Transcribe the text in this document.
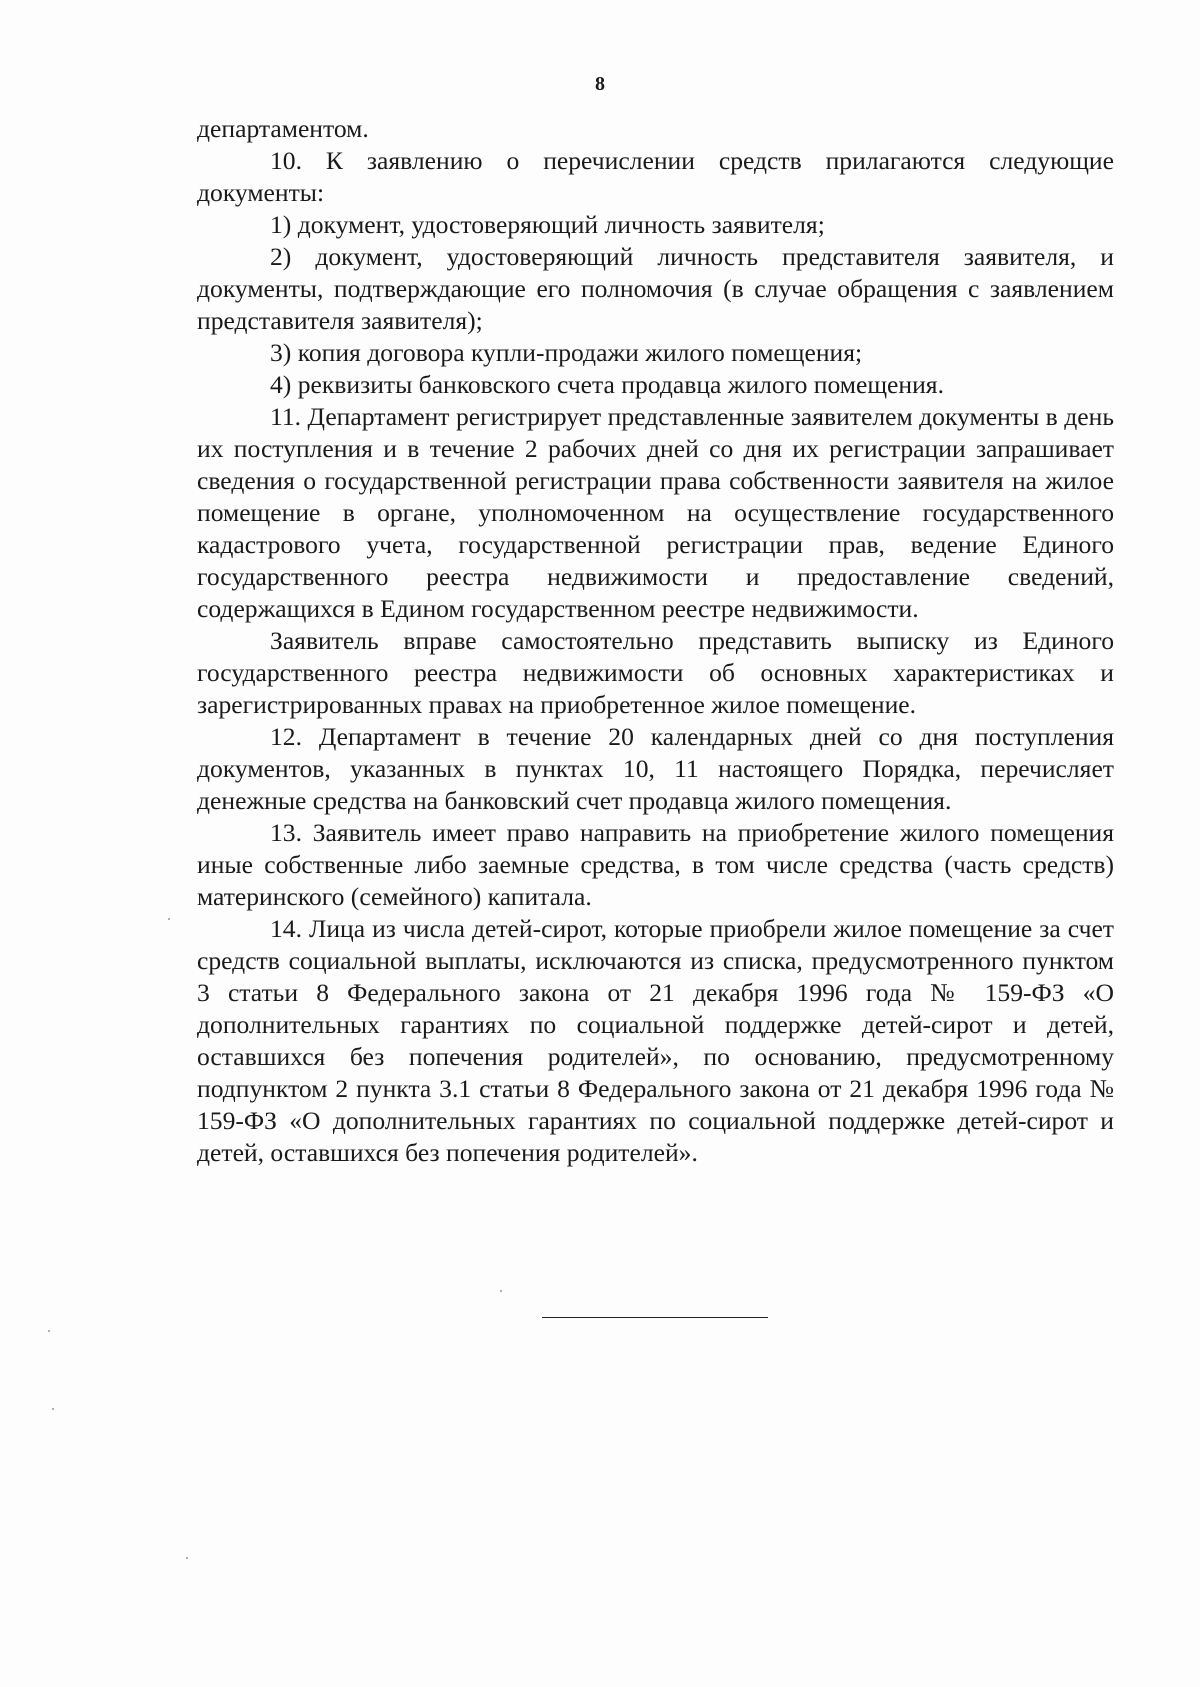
8

департаментом.

10. К заявлению о перечислении средств прилагаются следующие документы:

1) документ, удостоверяющий личность заявителя;

2) документ, удостоверяющий личность представителя заявителя, и документы, подтверждающие его полномочия (в случае обращения с заявлением представителя заявителя);

3) копия договора купли-продажи жилого помещения;

4) реквизиты банковского счета продавца жилого помещения.

11. Департамент регистрирует представленные заявителем документы в день их поступления и в течение 2 рабочих дней со дня их регистрации запрашивает сведения о государственной регистрации права собственности заявителя на жилое помещение в органе, уполномоченном на осуществление государственного кадастрового учета, государственной регистрации прав, ведение Единого государственного реестра недвижимости и предоставление сведений, содержащихся в Едином государственном реестре недвижимости.

Заявитель вправе самостоятельно представить выписку из Единого государственного реестра недвижимости об основных характеристиках и зарегистрированных правах на приобретенное жилое помещение.

12. Департамент в течение 20 календарных дней со дня поступления документов, указанных в пунктах 10, 11 настоящего Порядка, перечисляет денежные средства на банковский счет продавца жилого помещения.

13. Заявитель имеет право направить на приобретение жилого помещения иные собственные либо заемные средства, в том числе средства (часть средств) материнского (семейного) капитала.

14. Лица из числа детей-сирот, которые приобрели жилое помещение за счет средств социальной выплаты, исключаются из списка, предусмотренного пунктом 3 статьи 8 Федерального закона от 21 декабря 1996 года № 159-ФЗ «О дополнительных гарантиях по социальной поддержке детей-сирот и детей, оставшихся без попечения родителей», по основанию, предусмотренному подпунктом 2 пункта 3.1 статьи 8 Федерального закона от 21 декабря 1996 года № 159-ФЗ «О дополнительных гарантиях по социальной поддержке детей-сирот и детей, оставшихся без попечения родителей».
